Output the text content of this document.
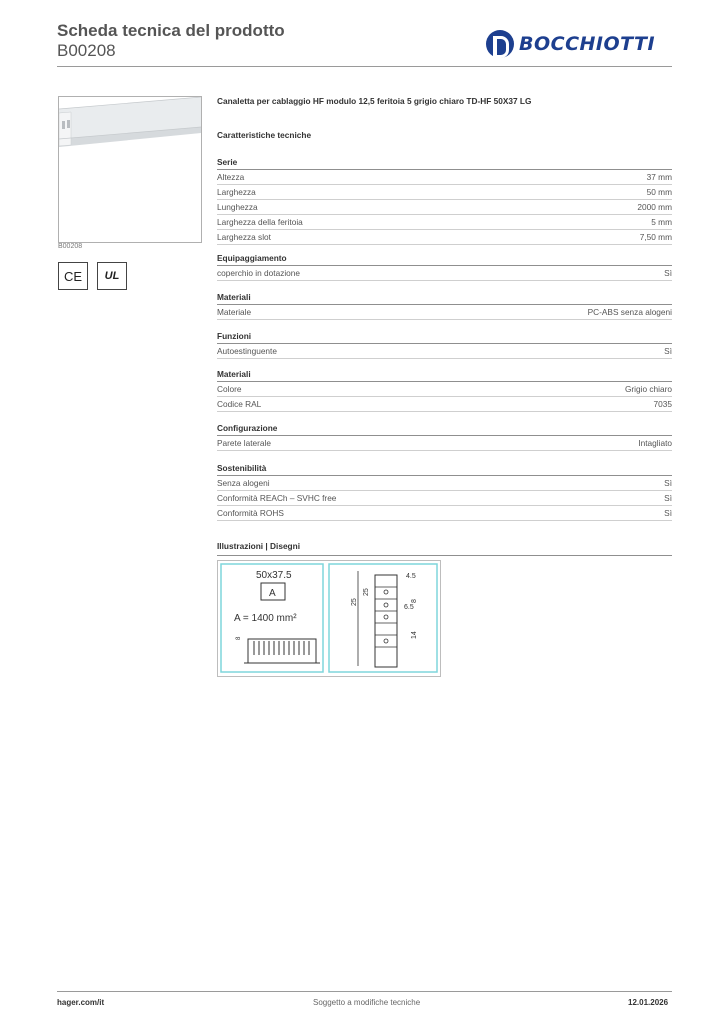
Scheda tecnica del prodotto
B00208	BOCCHIOTTI
B00208
CE UL
Canaletta per cablaggio HF modulo 12,5 feritoia 5 grigio chiaro TD-HF 50X37 LG
Caratteristiche tecniche
Serie
Altezza	37 mm
Larghezza	50 mm
Lunghezza	2000 mm
Larghezza della feritoia	5 mm
Larghezza slot	7,50 mm
Equipaggiamento
coperchio in dotazione	Sì
Materiali
Materiale	PC-ABS senza alogeni
Funzioni
Autoestinguente	Sì
Materiali
Colore	Grigio chiaro
Codice RAL	7035
Configurazione
Parete laterale	Intagliato
Sostenibilità
Senza alogeni	Sì
Conformità REACh – SVHC free	Sì
Conformità ROHS	Sì
Illustrazioni | Disegni
50x37.5
A
A = 1400 mm²
8
4.5
25
25
8
6.5
14
hager.com/it	Soggetto a modifiche tecniche	12.01.2026
